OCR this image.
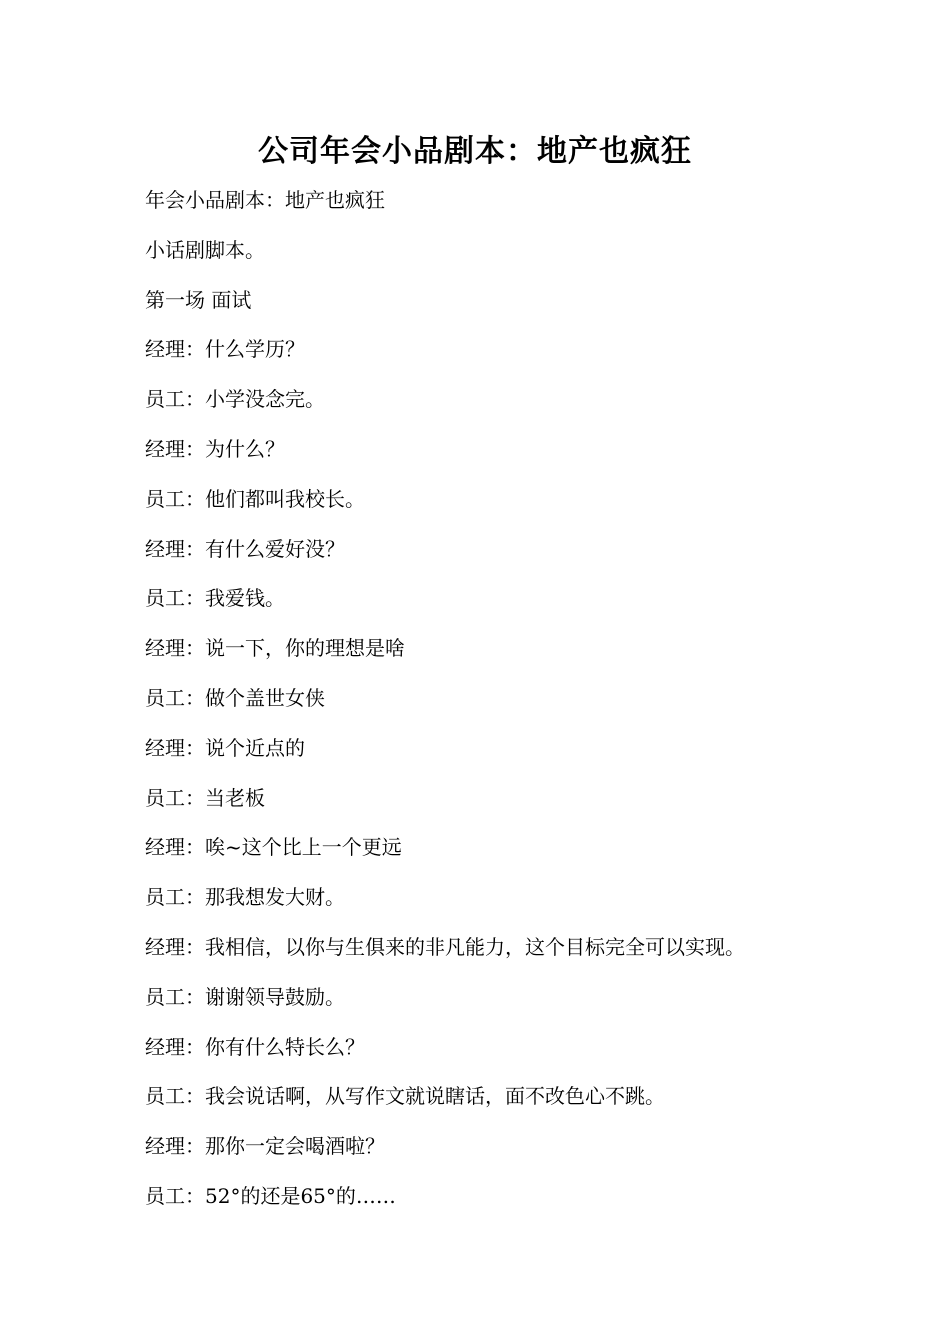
公司年会小品剧本：地产也疯狂
年会小品剧本：地产也疯狂
小话剧脚本。
第一场 面试
经理：什么学历？
员工：小学没念完。
经理：为什么？
员工：他们都叫我校长。
经理：有什么爱好没？
员工：我爱钱。
经理：说一下，你的理想是啥
员工：做个盖世女侠
经理：说个近点的
员工：当老板
经理：唉~这个比上一个更远
员工：那我想发大财。
经理：我相信，以你与生俱来的非凡能力，这个目标完全可以实现。
员工：谢谢领导鼓励。
经理：你有什么特长么？
员工：我会说话啊，从写作文就说瞎话，面不改色心不跳。
经理：那你一定会喝酒啦？
员工：52°的还是65°的……
